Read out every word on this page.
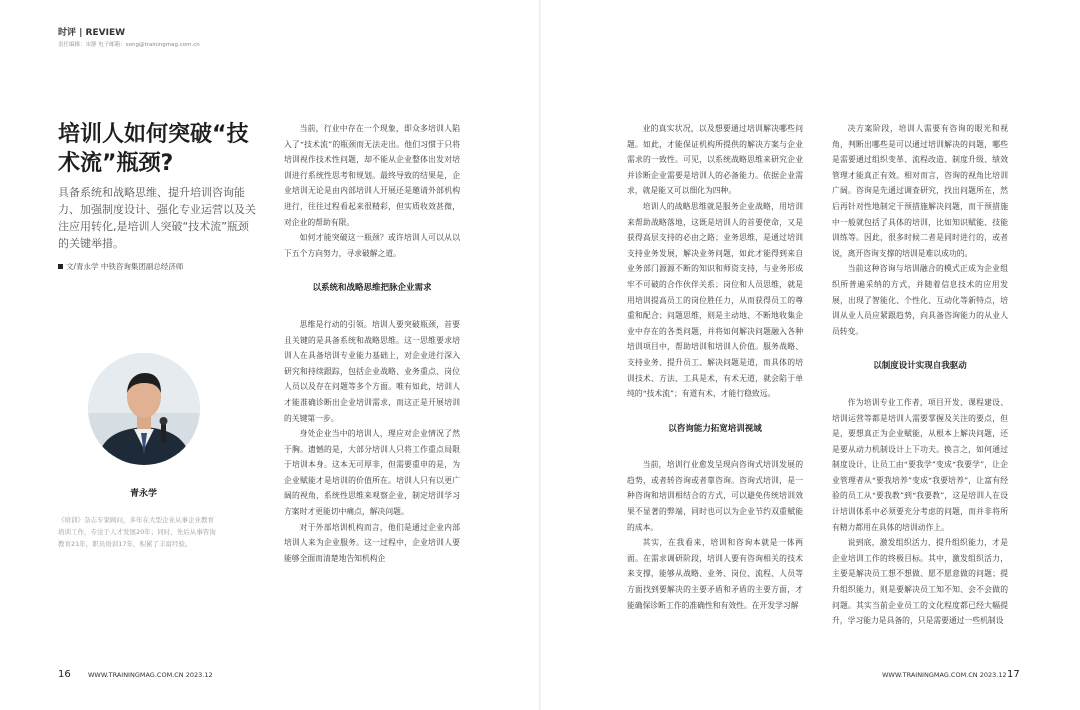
时评 | REVIEW
责任编辑：宋静 电子邮箱：song@trainingmag.com.cn
培训人如何突破“技术流”瓶颈?
具备系统和战略思维、提升培训咨询能力、加强制度设计、强化专业运营以及关注应用转化,是培训人突破“技术流”瓶颈的关键举措。
文/青永学 中铁咨询集团副总经济师
青永学
《培训》杂志专家顾问，多年在大型企业从事企业教育培训工作，专注于人才发展20年；同时，先后从事咨询教育21年，职员培训17年，积累了丰富经验。

当前，行业中存在一个现象，即众多培训人陷入了“技术流”的瓶颈而无法走出。他们习惯于只将培训视作技术性问题，却不能从企业整体出发对培训进行系统性思考和规划。最终导致的结果是，企业培训无论是由内部培训人开展还是邀请外部机构进行，往往过程看起来很精彩，但实质收效甚微，对企业的帮助有限。

如何才能突破这一瓶颈？或许培训人可以从以下五个方向努力，寻求破解之道。

以系统和战略思维把脉企业需求

思维是行动的引领。培训人要突破瓶颈，首要且关键的是具备系统和战略思维。这一思维要求培训人在具备培训专业能力基础上，对企业进行深入研究和持续跟踪，包括企业战略、业务重点、岗位人员以及存在问题等多个方面。唯有如此，培训人才能准确诊断出企业培训需求，而这正是开展培训的关键第一步。

身处企业当中的培训人，理应对企业情况了然于胸。遗憾的是，大部分培训人只将工作重点局限于培训本身。这本无可厚非，但需要重申的是，为企业赋能才是培训的价值所在。培训人只有以更广阔的视角，系统性思维来观察企业，制定培训学习方案时才更能切中痛点，解决问题。

对于外部培训机构而言，他们是通过企业内部培训人来为企业服务。这一过程中，企业培训人要能够全面而清楚地告知机构企

业的真实状况，以及想要通过培训解决哪些问题。如此，才能保证机构所提供的解决方案与企业需求的一致性。可见，以系统战略思维来研究企业并诊断企业需要是培训人的必备能力。依据企业需求，就是能又可以细化为四种。

培训人的战略思维就是服务企业战略，用培训来帮助战略落地，这既是培训人的首要使命，又是获得高层支持的必由之路；业务思维，是通过培训支持业务发展，解决业务问题，如此才能得到来自业务部门源源不断的知识和师资支持，与业务形成牢不可破的合作伙伴关系；岗位和人员思维，就是用培训提高员工的岗位胜任力，从而获得员工的尊重和配合；问题思维，则是主动地、不断地收集企业中存在的各类问题，并将如何解决问题融入各种培训项目中，帮助培训和培训人价值。服务战略、支持业务、提升员工、解决问题是道，而具体的培训技术、方法、工具是术，有术无道，就会陷于单纯的“技术流”；有道有术，才能行稳致远。

以咨询能力拓宽培训视域

当前，培训行业愈发呈现向咨询式培训发展的趋势，或者转咨询或者靠咨询。咨询式培训，是一种咨询和培训相结合的方式，可以避免传统培训效果不显著的弊端，同时也可以为企业节约双重赋能的成本。

其实，在我看来，培训和咨询本就是一体两面。在需求调研阶段，培训人要有咨询相关的技术来支撑，能够从战略、业务、岗位、流程、人员等方面找到要解决的主要矛盾和矛盾的主要方面，才能确保诊断工作的准确性和有效性。在开发学习解

决方案阶段，培训人需要有咨询的眼光和视角，判断出哪些是可以通过培训解决的问题，哪些是需要通过组织变革、流程改造、制度升级、绩效管理才能真正有效。相对而言，咨询的视角比培训广阔。咨询是先通过调查研究，找出问题所在，然后再针对性地制定干预措施解决问题，而干预措施中一般就包括了具体的培训，比如知识赋能、技能训练等。因此，很多时候二者是同时进行的，或者说，离开咨询支撑的培训是难以成功的。

当前这种咨询与培训融合的模式正成为企业组织所普遍采纳的方式，并随着信息技术的应用发展，出现了智能化、个性化、互动化等新特点，培训从业人员应紧跟趋势，向具备咨询能力的从业人员转变。

以制度设计实现自我驱动

作为培训专业工作者，项目开发、课程建设、培训运营等都是培训人需要掌握及关注的要点，但是，要想真正为企业赋能，从根本上解决问题，还是要从动力机制设计上下功夫。换言之，如何通过制度设计，让员工由“要我学”变成“我要学”，让企业管理者从“要我培养”变成“我要培养”，让富有经验的员工从“要我教”到“我要教”，这是培训人在设计培训体系中必须要充分考虑的问题，而并非将所有精力都用在具体的培训动作上。

说到底，激发组织活力、提升组织能力，才是企业培训工作的终极目标。其中，激发组织活力，主要是解决员工想不想做、愿不愿意做的问题；提升组织能力，则是要解决员工知不知、会不会做的问题。其实当前企业员工的文化程度都已经大幅提升，学习能力是具备的，只是需要通过一些机制设

16	WWW.TRAININGMAG.COM.CN 2023.12	WWW.TRAININGMAG.COM.CN 2023.12 17
